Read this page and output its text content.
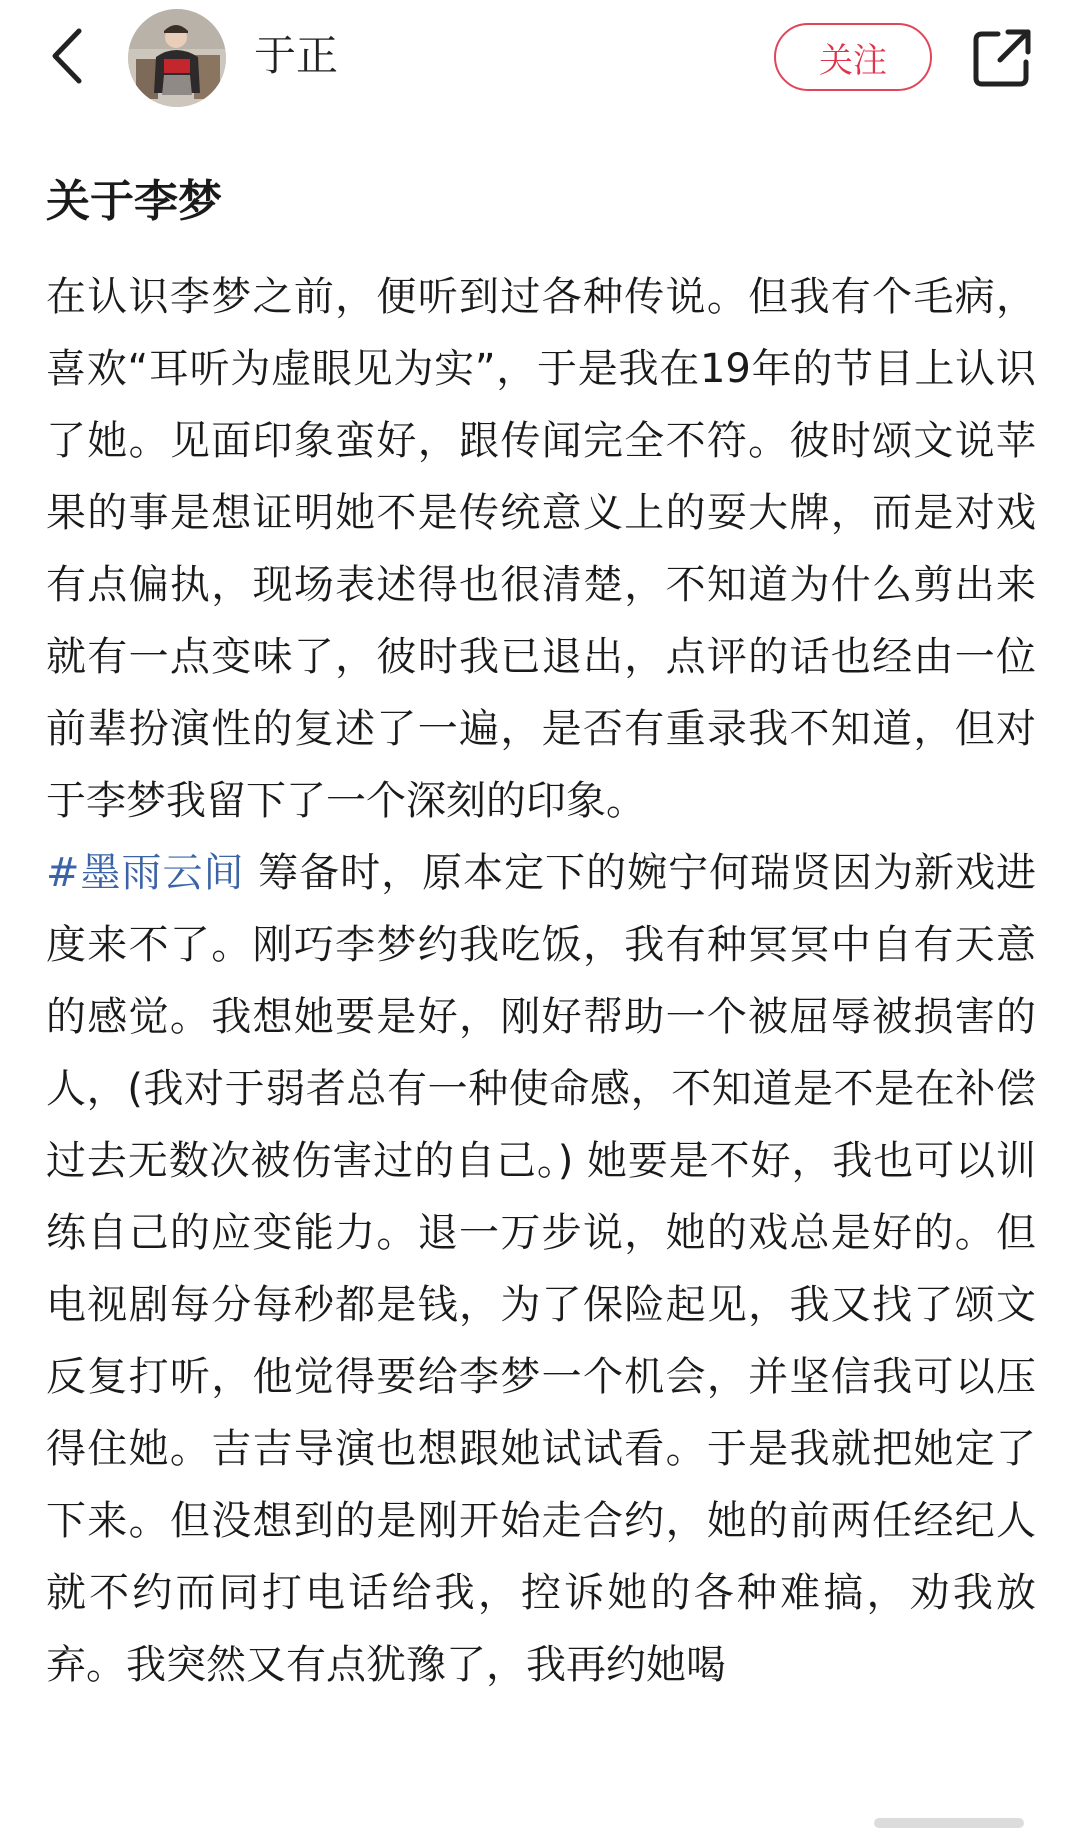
于正	关注
关于李梦

在认识李梦之前，便听到过各种传说。但我有个毛病，喜欢“耳听为虚眼见为实”，于是我在19年的节目上认识了她。见面印象蛮好，跟传闻完全不符。彼时颂文说苹果的事是想证明她不是传统意义上的耍大牌，而是对戏有点偏执，现场表述得也很清楚，不知道为什么剪出来就有一点变味了，彼时我已退出，点评的话也经由一位前辈扮演性的复述了一遍，是否有重录我不知道，但对于李梦我留下了一个深刻的印象。

#墨雨云间 筹备时，原本定下的婉宁何瑞贤因为新戏进度来不了。刚巧李梦约我吃饭，我有种冥冥中自有天意的感觉。我想她要是好，刚好帮助一个被屈辱被损害的人，(我对于弱者总有一种使命感，不知道是不是在补偿过去无数次被伤害过的自己。) 她要是不好，我也可以训练自己的应变能力。退一万步说，她的戏总是好的。但电视剧每分每秒都是钱，为了保险起见，我又找了颂文反复打听，他觉得要给李梦一个机会，并坚信我可以压得住她。吉吉导演也想跟她试试看。于是我就把她定了下来。但没想到的是刚开始走合约，她的前两任经纪人就不约而同打电话给我，控诉她的各种难搞，劝我放弃。我突然又有点犹豫了，我再约她喝
